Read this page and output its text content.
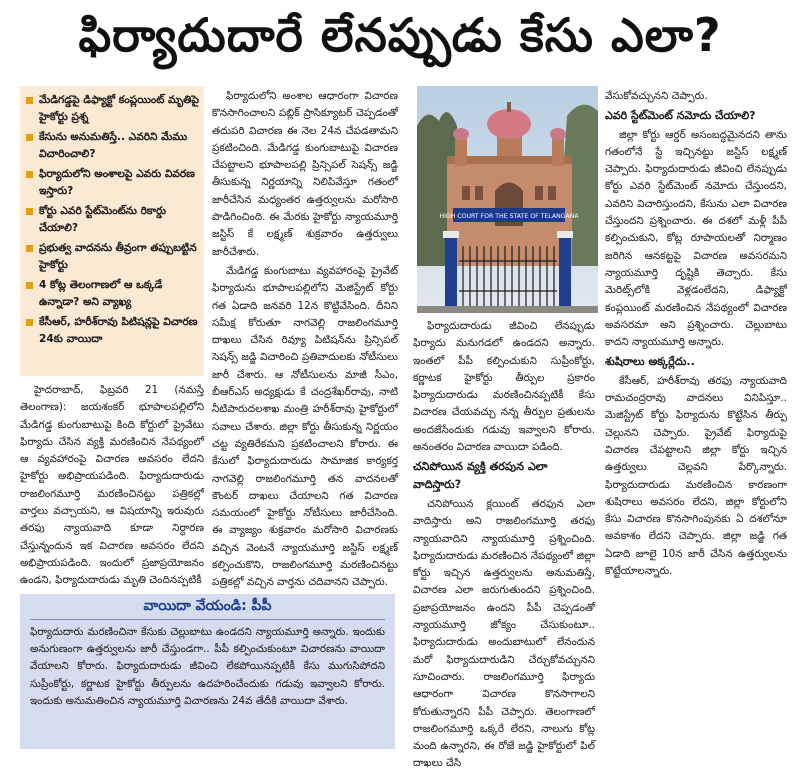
ఫిర్యాదుదారే లేనప్పుడు కేసు ఎలా?
మేడిగడ్డపై డిఫ్యాక్టో కంప్లయింట్ మృతిపై హైకోర్టు ప్రశ్న
కేసును అనుమతిస్తే.. ఎవరిని మేము విచారించాలి?
ఫిర్యాదులోని అంశాలపై ఎవరు వివరణ ఇస్తారు?
కోర్టు ఎవరి స్టేట్‌మెంట్‌ను రికార్డు చేయాలి?
ప్రభుత్వ వాదనను తీవ్రంగా తప్పుబట్టిన హైకోర్టు
4 కోట్ల తెలంగాణలో ఆ ఒక్కడే ఉన్నాడా? అని వ్యాఖ్య
కేసీఆర్, హరీశ్‌రావు పిటిషన్లపై విచారణ 24కు వాయిదా

హైదరాబాద్, ఫిబ్రవరి 21 (నమస్తే తెలంగాణ): జయశంకర్ భూపాలపల్లిలోని మేడిగడ్డ కుంగుబాటుపై కింది కోర్టులో ప్రైవేటు ఫిర్యాదు చేసిన వ్యక్తి మరణించిన నేపథ్యంలో ఆ వ్యవహారంపై విచారణ అవసరం లేదని హైకోర్టు అభిప్రాయపడింది. ఫిర్యాదుదారుడు రాజలింగమూర్తి మరణించినట్టు పత్రికల్లో వార్తలు వచ్చాయని, ఆ విషయాన్ని ఇరువురు తరఫు న్యాయవాది కూడా నిర్ధారణ చేస్తున్నందున ఇక విచారణ అవసరం లేదని అభిప్రాయపడింది. ఇందులో ప్రజాప్రయోజనం ఉండని, ఫిర్యాదుదారుడు మృతి చెందినప్పటికీ

ఫిర్యాదులోని అంశాల ఆధారంగా విచారణ కొనసాగించాలని పబ్లిక్ ప్రాసిక్యూటర్ చెప్పడంతో తదుపరి విచారణ ఈ నెల 24న చేపడతామని ప్రకటించింది. మేడిగడ్డ కుంగుబాటుపై విచారణ చేపట్టాలని భూపాలపల్లి ప్రిన్సిపల్ సెషన్స్ జడ్జి తీసుకున్న నిర్ణయాన్ని నిలిపివేస్తూ గతంలో జారీచేసిన మధ్యంతర ఉత్తర్వులను మరోసారి పొడిగించింది. ఈ మేరకు హైకోర్టు న్యాయమూర్తి జస్టిస్ కే లక్ష్మణ్ శుక్రవారం ఉత్తర్వులు జారీచేశారు.

మేడిగడ్డ కుంగుబాటు వ్యవహారంపై ప్రైవేట్ ఫిర్యాదును భూపాలపల్లిలోని మెజిస్ట్రేట్ కోర్టు గత ఏడాది జనవరి 12న కొట్టివేసింది. దీనిని సమీక్ష కోరుతూ నాగవెల్లి రాజలింగమూర్తి దాఖలు చేసిన రివ్యూ పిటిషన్‌ను ప్రిన్సిపల్ సెషన్స్ జడ్జి విచారించి ప్రతివాదులకు నోటీసులు జారీ చేశారు. ఆ నోటీసులను మాజీ సీఎం, బీఆర్‌ఎస్ అధ్యక్షుడు కే చంద్రశేఖర్‌రావు, నాటి నీటిపారుదలశాఖ మంత్రి హరీశ్‌రావు హైకోర్టులో సవాలు చేశారు. జిల్లా కోర్టు తీసుకున్న నిర్ణయం చట్ట వ్యతిరేకమని ప్రకటించాలని కోరారు. ఈ కేసులో ఫిర్యాదుదారుడు సామాజిక కార్యకర్త నాగవెల్లి రాజలింగమూర్తి తన వాదనలతో కౌంటర్ దాఖలు చేయాలని గత విచారణ సమయంలో హైకోర్టు నోటీసులు జారీచేసింది. ఈ వ్యాజ్యం శుక్రవారం మరోసారి విచారణకు వచ్చిన వెంటనే న్యాయమూర్తి జస్టిస్ లక్ష్మణ్ కల్పించుకొని, రాజలింగమూర్తి మరణించినట్టు పత్రికల్లో వచ్చిన వార్తను చదివానని చెప్పారు.

వాయిదా వేయండి: పీపీ
ఫిర్యాదుదారు మరణించినా కేసుకు చెల్లుబాటు ఉండదని న్యాయమూర్తి అన్నారు. ఇందుకు అనుగుణంగా ఉత్తర్వులను జారీ చేస్తుండగా.. పీపీ కల్పించుకుంటూ విచారణను వాయిదా వేయాలని కోరారు. ఫిర్యాదుదారుడు జీవించి లేకపోయినప్పటికీ కేసు ముగుసిపోదని సుప్రీంకోర్టు, కర్ణాటక హైకోర్టు తీర్పులను ఉదహరించేందుకు గడువు ఇవ్వాలని కోరారు. ఇందుకు అనుమతించిన న్యాయమూర్తి విచారణను 24వ తేదీకి వాయిదా వేశారు.
HIGH COURT FOR THE STATE OF TELANGANA

ఫిర్యాదుదారుడు జీవించి లేనప్పుడు ఫిర్యాదు మనుగడలో ఉండదని అన్నారు. ఇంతలో పీపీ కల్పించుకుని సుప్రీంకోర్టు, కర్ణాటక హైకోర్టు తీర్పుల ప్రకారం ఫిర్యాదుదారుడు మరణించినప్పటికీ కేసు విచారణ చేయవచ్చు నన్న తీర్పుల ప్రతులను అందజేసేందుకు గడువు ఇవ్వాలని కోరారు. అనంతరం విచారణ వాయిదా పడింది.

చనిపోయిన వ్యక్తి తరపున ఎలా వాదిస్తారు?

చనిపోయిన క్లయింట్ తరఫున ఎలా వాదిస్తారు అని రాజలింగమూర్తి తరఫు న్యాయవాదిని న్యాయమూర్తి ప్రశ్నించింది. ఫిర్యాదుదారుడు మరణించిన నేపథ్యంలో జిల్లా కోర్టు ఇచ్చిన ఉత్తర్వులను అనుమతిస్తే, విచారణ ఎలా జరుగుతుందని ప్రశ్నించింది. ప్రజాప్రయోజనం ఉందని పీపీ చెప్పడంతో న్యాయమూర్తి జోక్యం చేసుకుంటూ.. ఫిర్యాదుదారుడు అందుబాటులో లేనందున మరో ఫిర్యాదుదారుడిని చేర్చుకోవచ్చునని సూచించారు. రాజలింగమూర్తి ఫిర్యాదు ఆధారంగా విచారణ కొనసాగాలని కోరుతున్నారని పీపీ చెప్పారు. తెలంగాణలో రాజలింగమూర్తి ఒక్కరే లేరని, నాలుగు కోట్ల మంది ఉన్నారని, ఈ రోజే జడ్జి హైకోర్టులో పిల్ దాఖలు చేసి

వేసుకోవచ్చునని చెప్పారు.

ఎవరి స్టేట్‌మెంట్ నమోదు చేయాలి?

జిల్లా కోర్టు ఆర్డర్ అసంబద్ధమైనదని తాను గతంలోనే స్టే ఇచ్చినట్టు జస్టిస్ లక్ష్మణ్ చెప్పారు. ఫిర్యాదుదారుడు జీవించి లేనప్పుడు కోర్టు ఎవరి స్టేట్‌మెంట్ నమోదు చేస్తుందని, ఎవరిని విచారిస్తుందని, కేసును ఎలా విచారణ చేస్తుందని ప్రశ్నించారు. ఈ దశలో మళ్లీ పీపీ కల్పించుకుని, కోట్ల రూపాయలతో నిర్మాణం జరిగిన ఆనకట్టపై విచారణ అవసరమని న్యాయమూర్తి దృష్టికి తెచ్చారు. కేసు మెరిట్స్‌లోకి వెళ్లడంలేదని, డిఫ్యాక్టో కంప్లయింట్ మరణించిన నేపథ్యంలో విచారణ అవసరమా అని ప్రశ్నించారు. చెల్లుబాటు కాదని న్యాయమూర్తి అన్నారు.

శుషిరాలు అక్కర్లేదు..

కేసీఆర్, హరీశ్‌రావు తరఫు న్యాయవాది రామచంద్రరావు వాదనలు వినిపిస్తూ.. మెజిస్ట్రేట్ కోర్టు ఫిర్యాదును కొట్టేసిన తీర్పు చెల్లునని చెప్పారు. ప్రైవేట్ ఫిర్యాదుపై విచారణ చేపట్టాలని జిల్లా కోర్టు ఇచ్చిన ఉత్తర్వులు చెల్లవని పేర్కొన్నారు. ఫిర్యాదుదారుడు మరణించిన కారణంగా శుషిరాలు అవసరం లేదని, జిల్లా కోర్టులోని కేసు విచారణ కొనసాగింపునకు ఏ దశలోనూ అవకాశం లేదని చెప్పారు. జిల్లా జడ్జి గత ఏడాది జూలై 10న జారీ చేసిన ఉత్తర్వులను కొట్టేయాలన్నారు.
